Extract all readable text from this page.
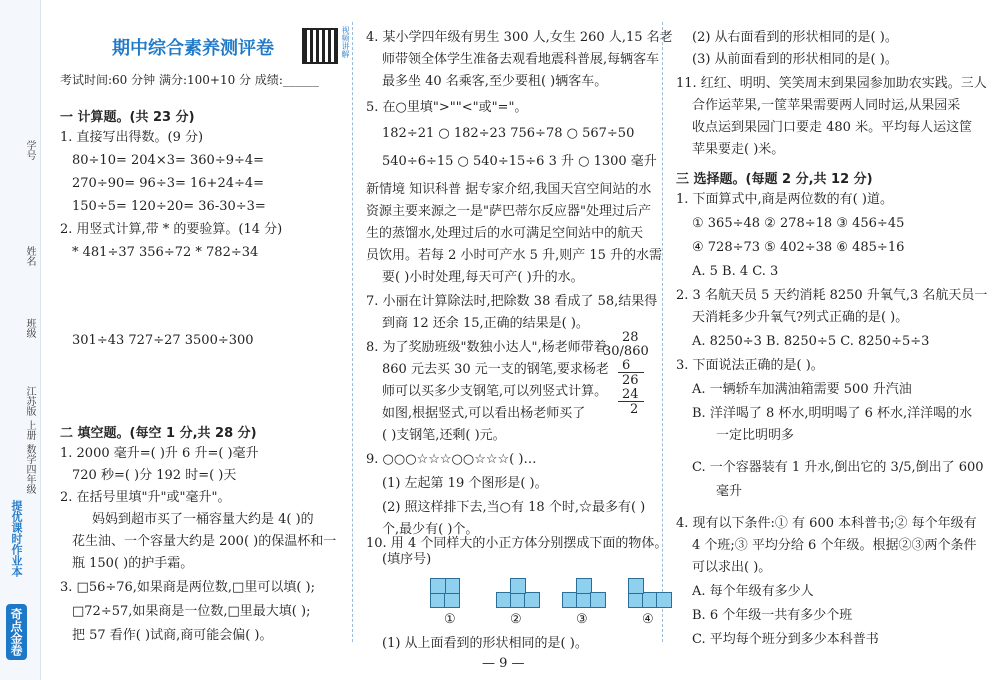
学号
姓名
班级
江苏版
上册
数学四年级
提优课时作业本
奇点金卷
期中综合素养测评卷	视频讲解
考试时间:60 分钟 满分:100+10 分 成绩:______
一 计算题。(共 23 分)
1. 直接写出得数。(9 分)
80÷10= 204×3= 360÷9÷4=
270÷90= 96÷3= 16+24÷4=
150÷5= 120÷20= 36-30÷3=
2. 用竖式计算,带 * 的要验算。(14 分)
* 481÷37 356÷72 * 782÷34
301÷43 727÷27 3500÷300
二 填空题。(每空 1 分,共 28 分)
1. 2000 毫升=( )升 6 升=( )毫升
720 秒=( )分 192 时=( )天
2. 在括号里填"升"或"毫升"。
妈妈到超市买了一桶容量大约是 4( )的
花生油、一个容量大约是 200( )的保温杯和一
瓶 150( )的护手霜。
3. □56÷76,如果商是两位数,□里可以填( );
□72÷57,如果商是一位数,□里最大填( );
把 57 看作( )试商,商可能会偏( )。
4. 某小学四年级有男生 300 人,女生 260 人,15 名老
师带领全体学生准备去观看地震科普展,每辆客车
最多坐 40 名乘客,至少要租( )辆客车。
5. 在○里填">""<"或"="。
182÷21 ○ 182÷23 756÷78 ○ 567÷50
540÷6÷15 ○ 540÷15÷6 3 升 ○ 1300 毫升
新情境 知识科普 据专家介绍,我国天宫空间站的水
资源主要来源之一是"萨巴蒂尔反应器"处理过后产
生的蒸馏水,处理过后的水可满足空间站中的航天
员饮用。若每 2 小时可产水 5 升,则产 15 升的水需
要( )小时处理,每天可产( )升的水。
7. 小丽在计算除法时,把除数 38 看成了 58,结果得
到商 12 还余 15,正确的结果是( )。
8. 为了奖励班级"数独小达人",杨老师带着
860 元去买 30 元一支的钢笔,要求杨老
师可以买多少支钢笔,可以列竖式计算。
如图,根据竖式,可以看出杨老师买了
( )支钢笔,还剩( )元。
28
30/860
6
26
24
2
9. ○○○☆☆☆○○☆☆☆( )…
(1) 左起第 19 个图形是( )。
(2) 照这样排下去,当○有 18 个时,☆最多有( )
个,最少有( )个。
10. 用 4 个同样大的小正方体分别摆成下面的物体。
(填序号)
①	②	③	④
(1) 从上面看到的形状相同的是( )。
(2) 从右面看到的形状相同的是( )。
(3) 从前面看到的形状相同的是( )。
11. 红红、明明、笑笑周末到果园参加助农实践。三人
合作运苹果,一筐苹果需要两人同时运,从果园采
收点运到果园门口要走 480 米。平均每人运这筐
苹果要走( )米。
三 选择题。(每题 2 分,共 12 分)
1. 下面算式中,商是两位数的有( )道。
① 365÷48 ② 278÷18 ③ 456÷45
④ 728÷73 ⑤ 402÷38 ⑥ 485÷16
A. 5 B. 4 C. 3
2. 3 名航天员 5 天约消耗 8250 升氧气,3 名航天员一
天消耗多少升氧气?列式正确的是( )。
A. 8250÷3 B. 8250÷5 C. 8250÷5÷3
3. 下面说法正确的是( )。
A. 一辆轿车加满油箱需要 500 升汽油
B. 洋洋喝了 8 杯水,明明喝了 6 杯水,洋洋喝的水
一定比明明多
C. 一个容器装有 1 升水,倒出它的 3/5,倒出了 600
毫升
4. 现有以下条件:① 有 600 本科普书;② 每个年级有
4 个班;③ 平均分给 6 个年级。根据②③两个条件
可以求出( )。
A. 每个年级有多少人
B. 6 个年级一共有多少个班
C. 平均每个班分到多少本科普书
— 9 —
